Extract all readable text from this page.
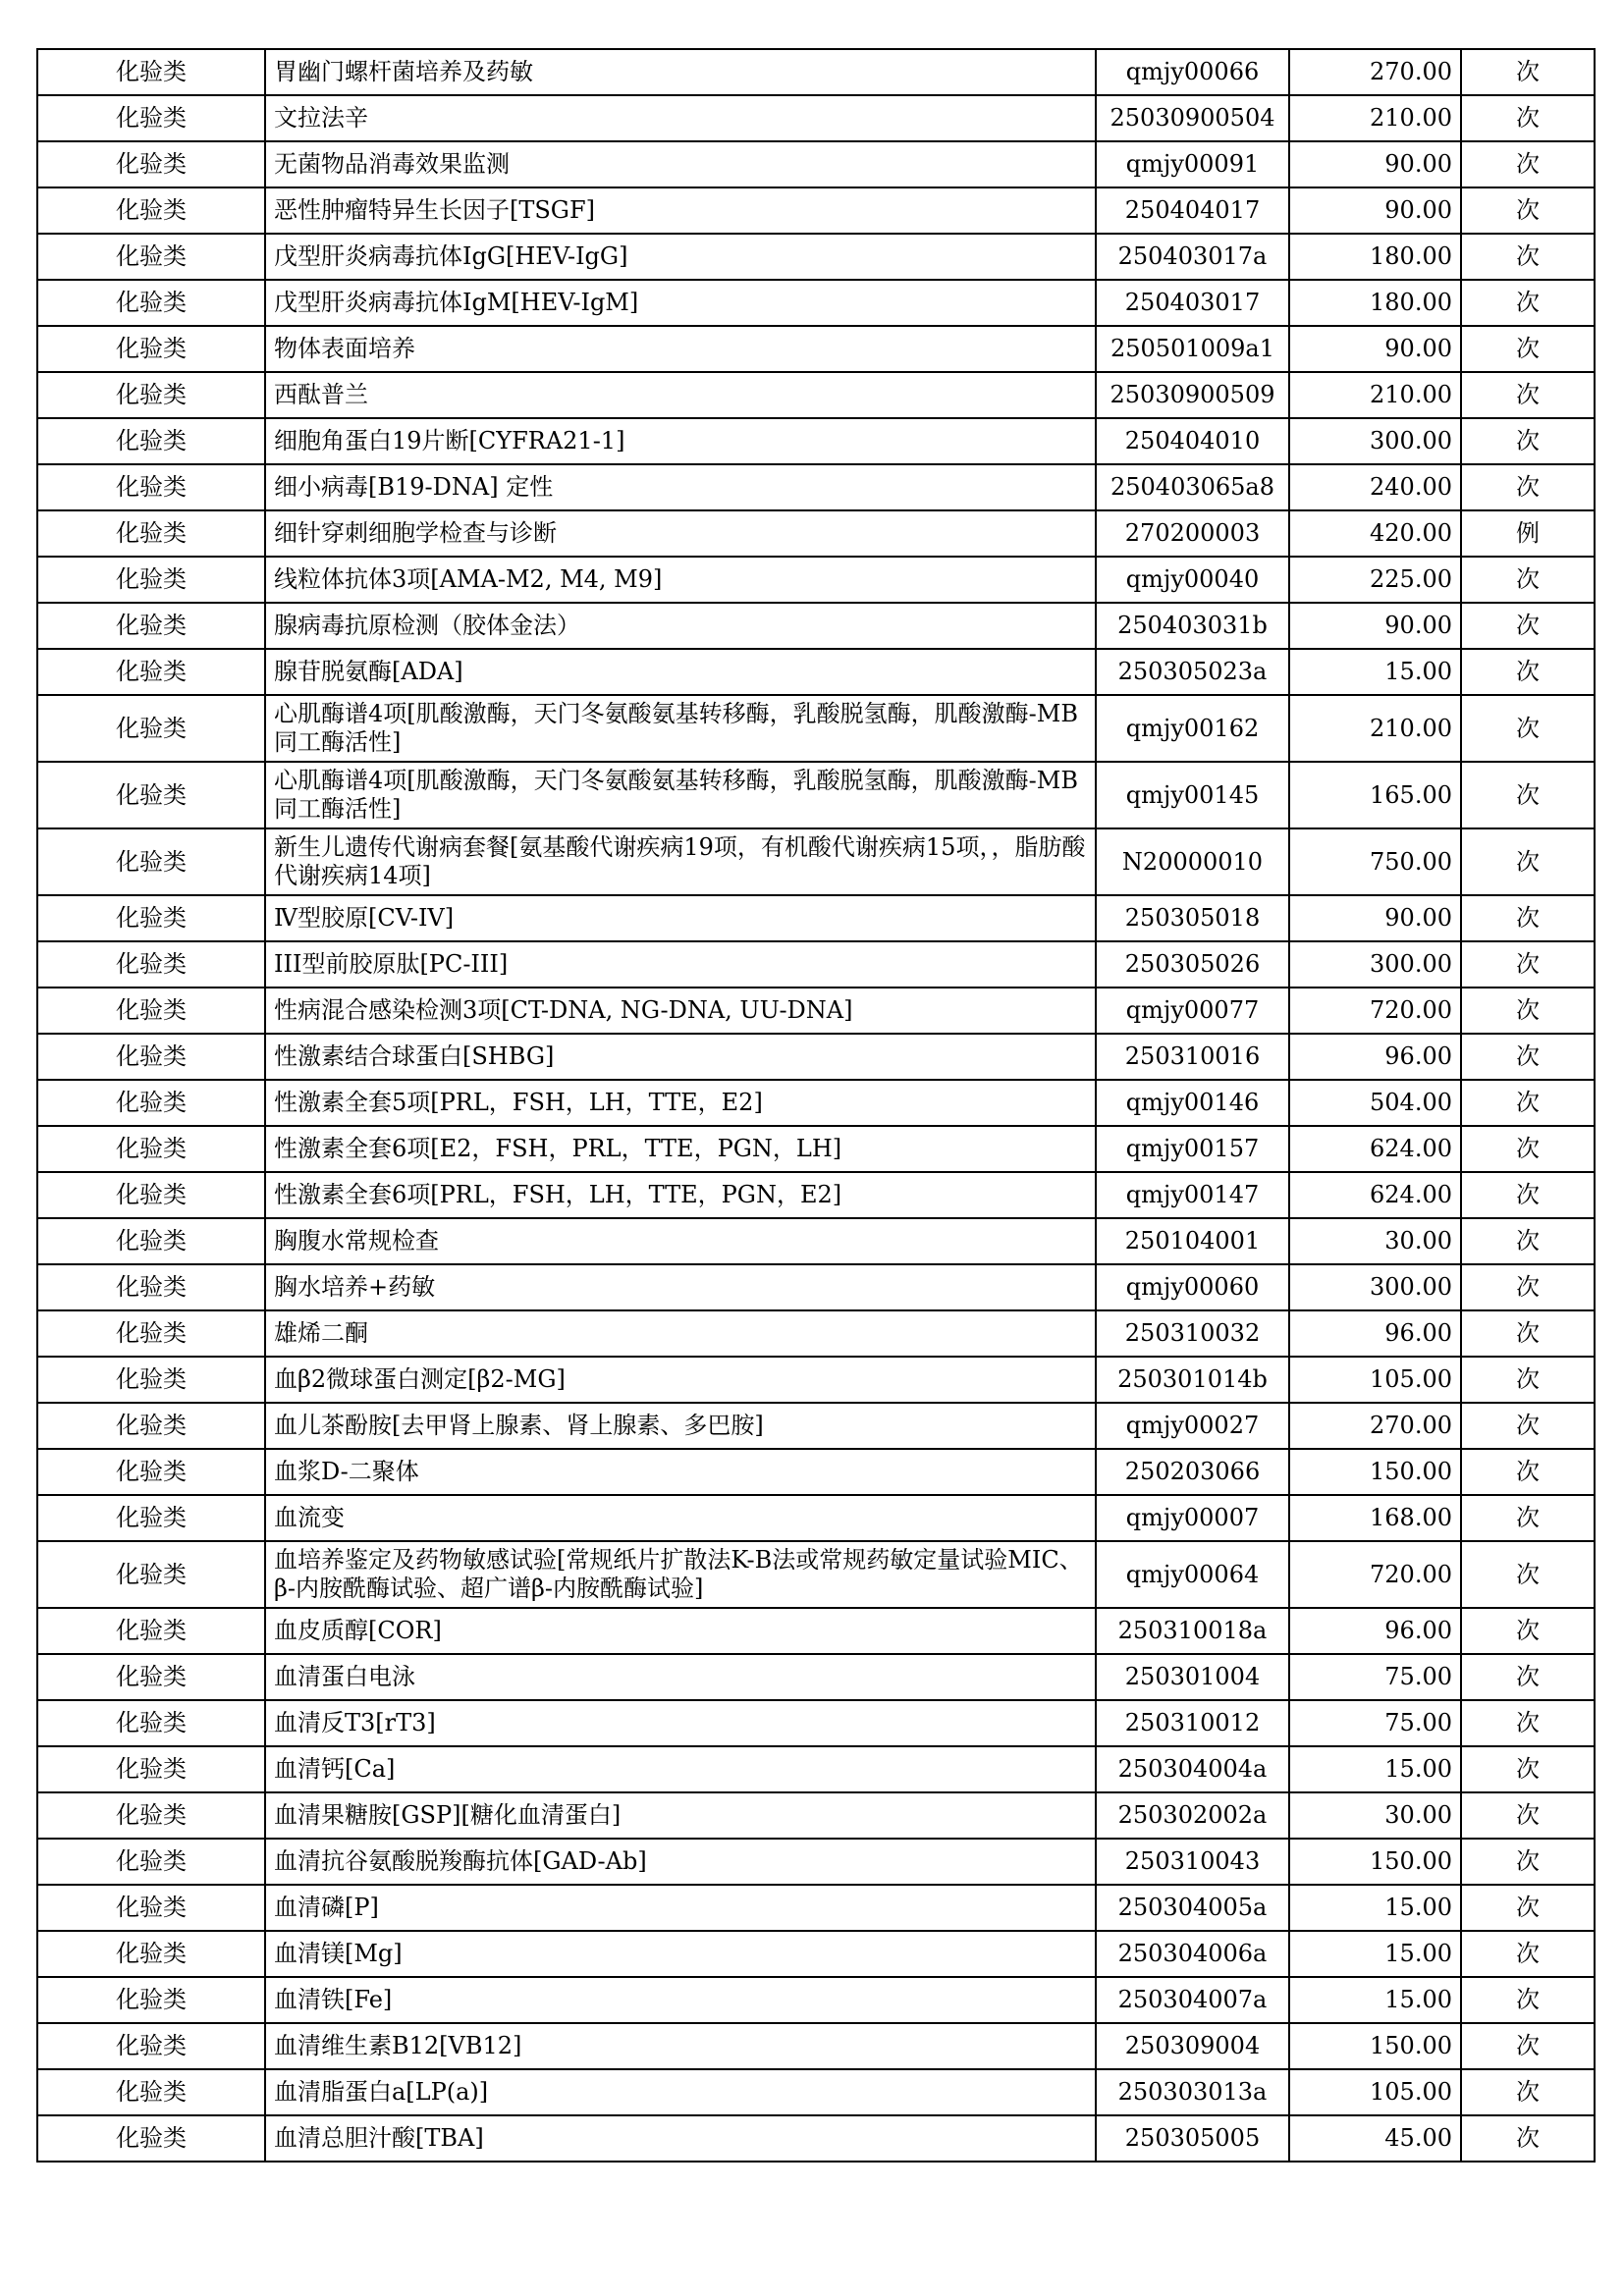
化验类	胃幽门螺杆菌培养及药敏	qmjy00066	270.00	次
化验类	文拉法辛	25030900504	210.00	次
化验类	无菌物品消毒效果监测	qmjy00091	90.00	次
化验类	恶性肿瘤特异生长因子[TSGF]	250404017	90.00	次
化验类	戊型肝炎病毒抗体IgG[HEV-IgG]	250403017a	180.00	次
化验类	戊型肝炎病毒抗体IgM[HEV-IgM]	250403017	180.00	次
化验类	物体表面培养	250501009a1	90.00	次
化验类	西酞普兰	25030900509	210.00	次
化验类	细胞角蛋白19片断[CYFRA21-1]	250404010	300.00	次
化验类	细小病毒[B19-DNA] 定性	250403065a8	240.00	次
化验类	细针穿刺细胞学检查与诊断	270200003	420.00	例
化验类	线粒体抗体3项[AMA-M2, M4, M9]	qmjy00040	225.00	次
化验类	腺病毒抗原检测（胶体金法）	250403031b	90.00	次
化验类	腺苷脱氨酶[ADA]	250305023a	15.00	次
化验类	心肌酶谱4项[肌酸激酶，天门冬氨酸氨基转移酶，乳酸脱氢酶，肌酸激酶-MB 同工酶活性]	qmjy00162	210.00	次
化验类	心肌酶谱4项[肌酸激酶，天门冬氨酸氨基转移酶，乳酸脱氢酶，肌酸激酶-MB同工酶活性]	qmjy00145	165.00	次
化验类	新生儿遗传代谢病套餐[氨基酸代谢疾病19项，有机酸代谢疾病15项，，脂肪酸代谢疾病14项]	N20000010	750.00	次
化验类	Ⅳ型胶原[CV-IV]	250305018	90.00	次
化验类	III型前胶原肽[PC-III]	250305026	300.00	次
化验类	性病混合感染检测3项[CT-DNA, NG-DNA, UU-DNA]	qmjy00077	720.00	次
化验类	性激素结合球蛋白[SHBG]	250310016	96.00	次
化验类	性激素全套5项[PRL，FSH，LH，TTE，E2]	qmjy00146	504.00	次
化验类	性激素全套6项[E2，FSH，PRL，TTE，PGN，LH]	qmjy00157	624.00	次
化验类	性激素全套6项[PRL，FSH，LH，TTE，PGN，E2]	qmjy00147	624.00	次
化验类	胸腹水常规检查	250104001	30.00	次
化验类	胸水培养+药敏	qmjy00060	300.00	次
化验类	雄烯二酮	250310032	96.00	次
化验类	血β2微球蛋白测定[β2-MG]	250301014b	105.00	次
化验类	血儿茶酚胺[去甲肾上腺素、肾上腺素、多巴胺]	qmjy00027	270.00	次
化验类	血浆D-二聚体	250203066	150.00	次
化验类	血流变	qmjy00007	168.00	次
化验类	血培养鉴定及药物敏感试验[常规纸片扩散法K-B法或常规药敏定量试验MIC、β-内胺酰酶试验、超广谱β-内胺酰酶试验]	qmjy00064	720.00	次
化验类	血皮质醇[COR]	250310018a	96.00	次
化验类	血清蛋白电泳	250301004	75.00	次
化验类	血清反T3[rT3]	250310012	75.00	次
化验类	血清钙[Ca]	250304004a	15.00	次
化验类	血清果糖胺[GSP][糖化血清蛋白]	250302002a	30.00	次
化验类	血清抗谷氨酸脱羧酶抗体[GAD-Ab]	250310043	150.00	次
化验类	血清磷[P]	250304005a	15.00	次
化验类	血清镁[Mg]	250304006a	15.00	次
化验类	血清铁[Fe]	250304007a	15.00	次
化验类	血清维生素B12[VB12]	250309004	150.00	次
化验类	血清脂蛋白a[LP(a)]	250303013a	105.00	次
化验类	血清总胆汁酸[TBA]	250305005	45.00	次
